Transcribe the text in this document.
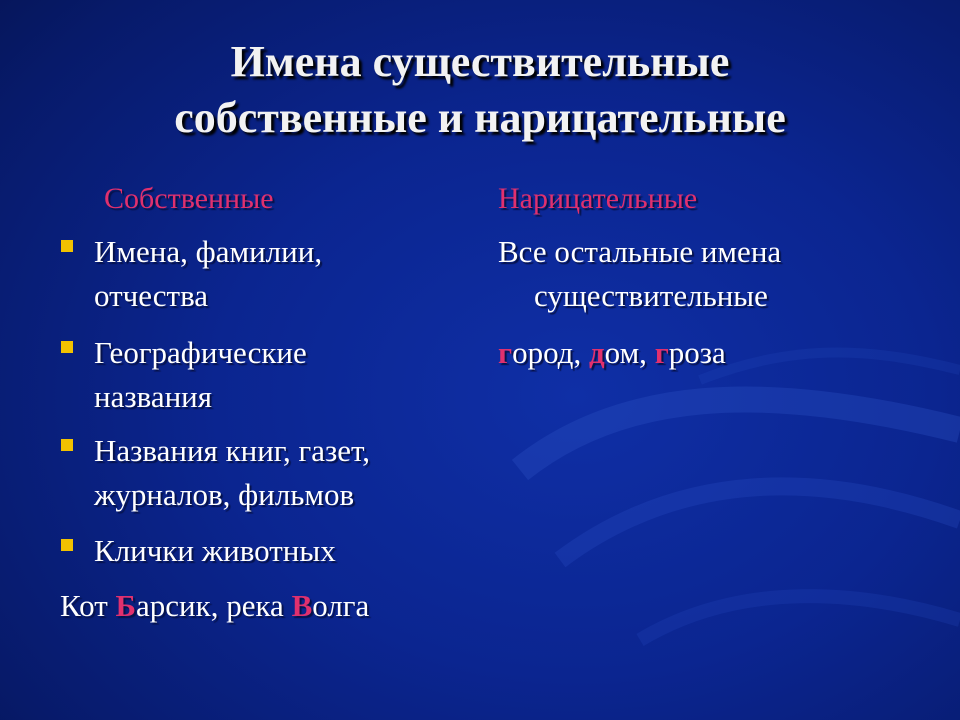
Имена существительные
собственные и нарицательные
Собственные
Имена, фамилии,
отчества
Географические
названия
Названия книг, газет,
журналов, фильмов
Клички животных
Кот Барсик, река Волга
Нарицательные
Все остальные имена
существительные
город, дом, гроза
